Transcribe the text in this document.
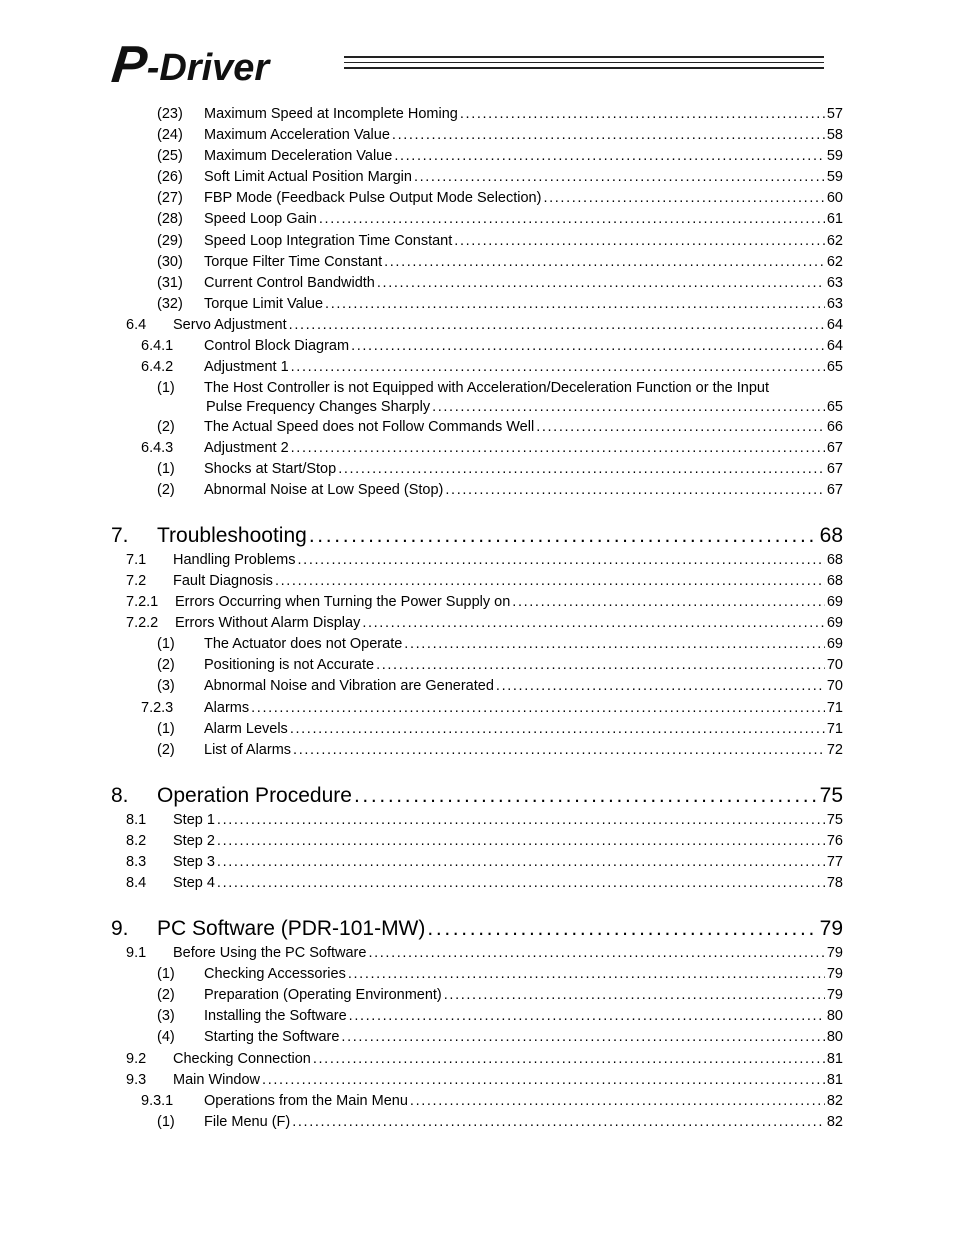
P
-Driver
(23)	Maximum Speed at Incomplete Homing . . .	57
(24)	Maximum Acceleration Value . . .	58
(25)	Maximum Deceleration Value . . .	59
(26)	Soft Limit Actual Position Margin . . .	59
(27)	FBP Mode (Feedback Pulse Output Mode Selection) . . .	60
(28)	Speed Loop Gain . . .	61
(29)	Speed Loop Integration Time Constant . . .	62
(30)	Torque Filter Time Constant . . .	62
(31)	Current Control Bandwidth . . .	63
(32)	Torque Limit Value . . .	63
6.4	Servo Adjustment . . .	64
6.4.1	Control Block Diagram . . .	64
6.4.2	Adjustment 1 . . .	65
(1)	The Host Controller is not Equipped with Acceleration/Deceleration Function or the Input
Pulse Frequency Changes Sharply . . .	65
(2)	The Actual Speed does not Follow Commands Well . . .	66
6.4.3	Adjustment 2 . . .	67
(1)	Shocks at Start/Stop . . .	67
(2)	Abnormal Noise at Low Speed (Stop) . . .	67
7.	Troubleshooting . . .	68
7.1	Handling Problems . . .	68
7.2	Fault Diagnosis . . .	68
7.2.1	Errors Occurring when Turning the Power Supply on . . .	69
7.2.2	Errors Without Alarm Display . . .	69
(1)	The Actuator does not Operate . . .	69
(2)	Positioning is not Accurate . . .	70
(3)	Abnormal Noise and Vibration are Generated . . .	70
7.2.3	Alarms . . .	71
(1)	Alarm Levels . . .	71
(2)	List of Alarms . . .	72
8.	Operation Procedure . . .	75
8.1	Step 1 . . .	75
8.2	Step 2 . . .	76
8.3	Step 3 . . .	77
8.4	Step 4 . . .	78
9.	PC Software (PDR-101-MW) . . .	79
9.1	Before Using the PC Software . . .	79
(1)	Checking Accessories . . .	79
(2)	Preparation (Operating Environment) . . .	79
(3)	Installing the Software . . .	80
(4)	Starting the Software . . .	80
9.2	Checking Connection . . .	81
9.3	Main Window . . .	81
9.3.1	Operations from the Main Menu . . .	82
(1)	File Menu (F) . . .	82
